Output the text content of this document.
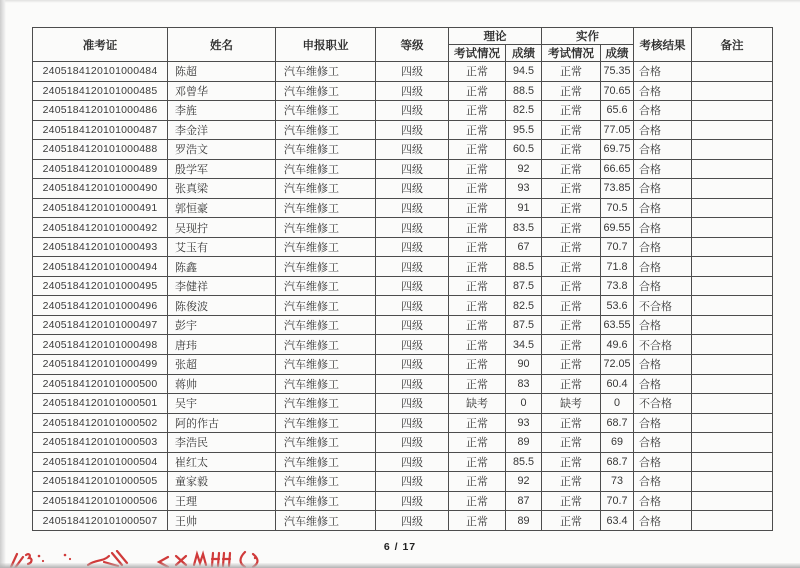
准考证	姓名	申报职业	等级	理论		实作		考核结果	备注
				考试情况	成绩	考试情况	成绩		
2405184120101000484	陈超	汽车维修工	四级	正常	94.5	正常	75.35	合格	
2405184120101000485	邓曾华	汽车维修工	四级	正常	88.5	正常	70.65	合格	
2405184120101000486	李旌	汽车维修工	四级	正常	82.5	正常	65.6	合格	
2405184120101000487	李金洋	汽车维修工	四级	正常	95.5	正常	77.05	合格	
2405184120101000488	罗浩文	汽车维修工	四级	正常	60.5	正常	69.75	合格	
2405184120101000489	殷学军	汽车维修工	四级	正常	92	正常	66.65	合格	
2405184120101000490	张真梁	汽车维修工	四级	正常	93	正常	73.85	合格	
2405184120101000491	郭恒豪	汽车维修工	四级	正常	91	正常	70.5	合格	
2405184120101000492	吴现拧	汽车维修工	四级	正常	83.5	正常	69.55	合格	
2405184120101000493	艾玉有	汽车维修工	四级	正常	67	正常	70.7	合格	
2405184120101000494	陈鑫	汽车维修工	四级	正常	88.5	正常	71.8	合格	
2405184120101000495	李健祥	汽车维修工	四级	正常	87.5	正常	73.8	合格	
2405184120101000496	陈俊波	汽车维修工	四级	正常	82.5	正常	53.6	不合格	
2405184120101000497	彭宇	汽车维修工	四级	正常	87.5	正常	63.55	合格	
2405184120101000498	唐玮	汽车维修工	四级	正常	34.5	正常	49.6	不合格	
2405184120101000499	张超	汽车维修工	四级	正常	90	正常	72.05	合格	
2405184120101000500	蒋帅	汽车维修工	四级	正常	83	正常	60.4	合格	
2405184120101000501	吴宇	汽车维修工	四级	缺考	0	缺考	0	不合格	
2405184120101000502	阿的作古	汽车维修工	四级	正常	93	正常	68.7	合格	
2405184120101000503	李浩民	汽车维修工	四级	正常	89	正常	69	合格	
2405184120101000504	崔红太	汽车维修工	四级	正常	85.5	正常	68.7	合格	
2405184120101000505	童家毅	汽车维修工	四级	正常	92	正常	73	合格	
2405184120101000506	王理	汽车维修工	四级	正常	87	正常	70.7	合格	
2405184120101000507	王帅	汽车维修工	四级	正常	89	正常	63.4	合格	
6 / 17
